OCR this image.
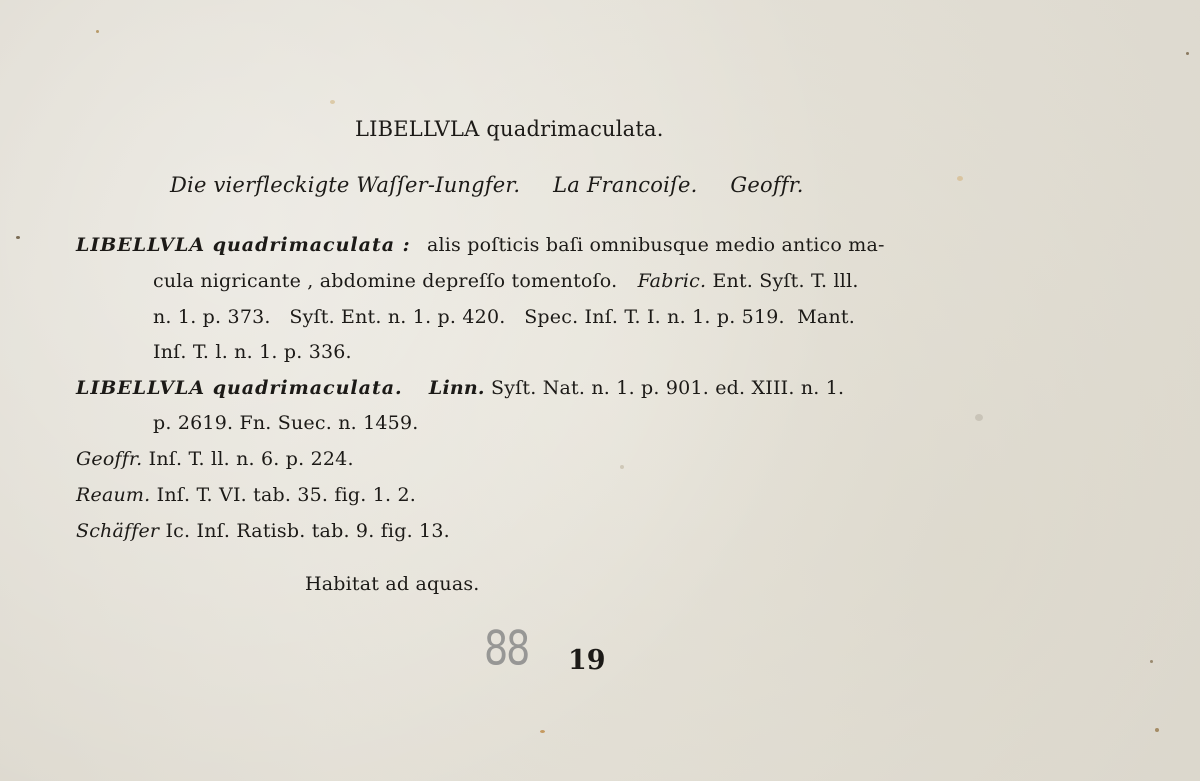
LIBELLVLA quadrimaculata.
Die vierfleckigte Waſſer-Iungfer. La Francoiſe. Geoffr.
LIBELLVLA quadrimaculata : alis poſticis baſi omnibusque medio antico ma-
cula nigricante , abdomine depreſſo tomentoſo. Fabric. Ent. Syſt. T. lll.
n. 1. p. 373.   Syſt. Ent. n. 1. p. 420.   Spec. Inſ. T. I. n. 1. p. 519.  Mant.
Inſ. T. l. n. 1. p. 336.
LIBELLVLA quadrimaculata. Linn. Syſt. Nat. n. 1. p. 901. ed. XIII. n. 1.
p. 2619. Fn. Suec. n. 1459.
Geoffr. Inſ. T. ll. n. 6. p. 224.
Reaum. Inſ. T. VI. tab. 35. fig. 1. 2.
Schäffer Ic. Inſ. Ratisb. tab. 9. fig. 13.
Habitat ad aquas.
88 19
